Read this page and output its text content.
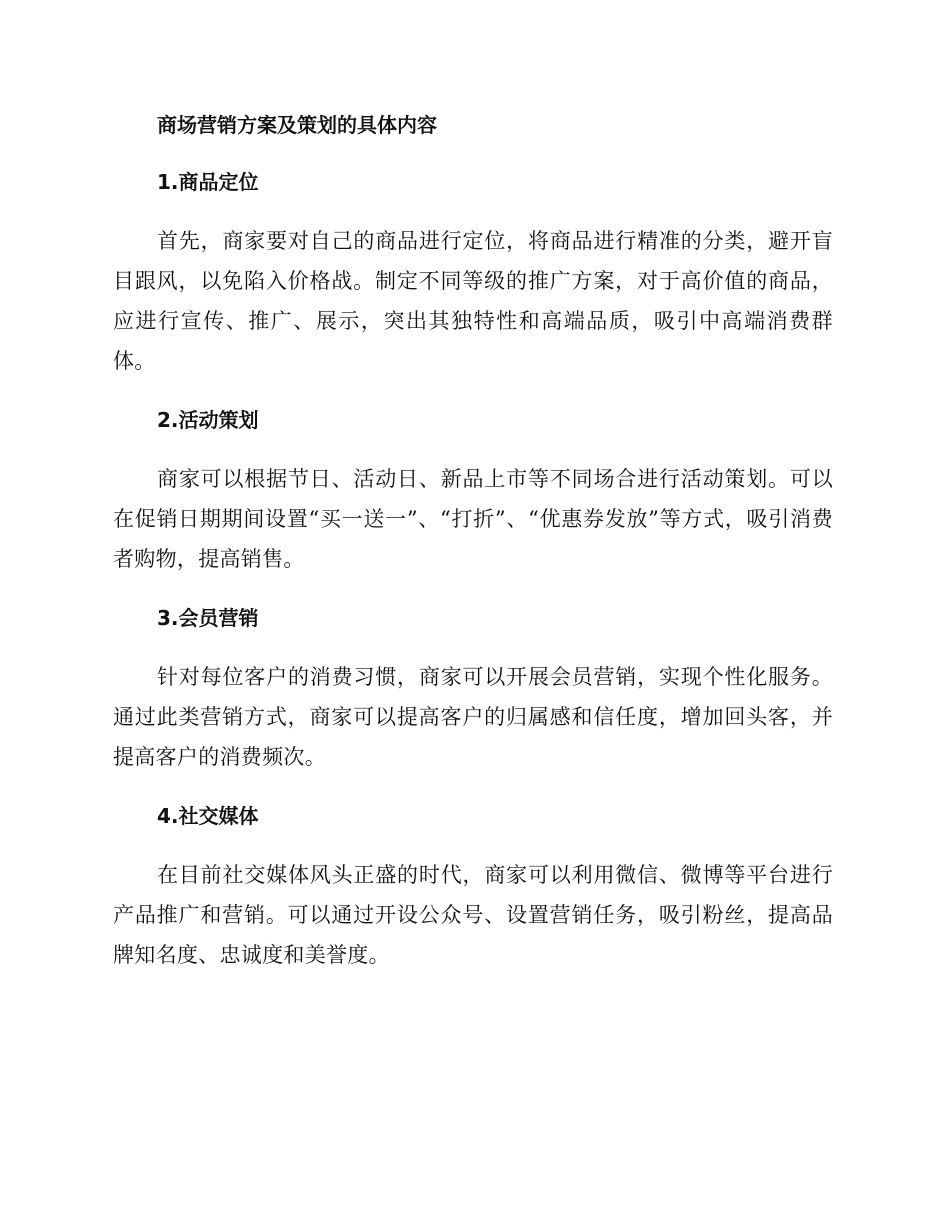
商场营销方案及策划的具体内容
1.商品定位

首先，商家要对自己的商品进行定位，将商品进行精准的分类，避开盲目跟风，以免陷入价格战。制定不同等级的推广方案，对于高价值的商品，应进行宣传、推广、展示，突出其独特性和高端品质，吸引中高端消费群体。

2.活动策划

商家可以根据节日、活动日、新品上市等不同场合进行活动策划。可以在促销日期期间设置“买一送一”、“打折”、“优惠券发放”等方式，吸引消费者购物，提高销售。

3.会员营销

针对每位客户的消费习惯，商家可以开展会员营销，实现个性化服务。通过此类营销方式，商家可以提高客户的归属感和信任度，增加回头客，并提高客户的消费频次。

4.社交媒体

在目前社交媒体风头正盛的时代，商家可以利用微信、微博等平台进行产品推广和营销。可以通过开设公众号、设置营销任务，吸引粉丝，提高品牌知名度、忠诚度和美誉度。
